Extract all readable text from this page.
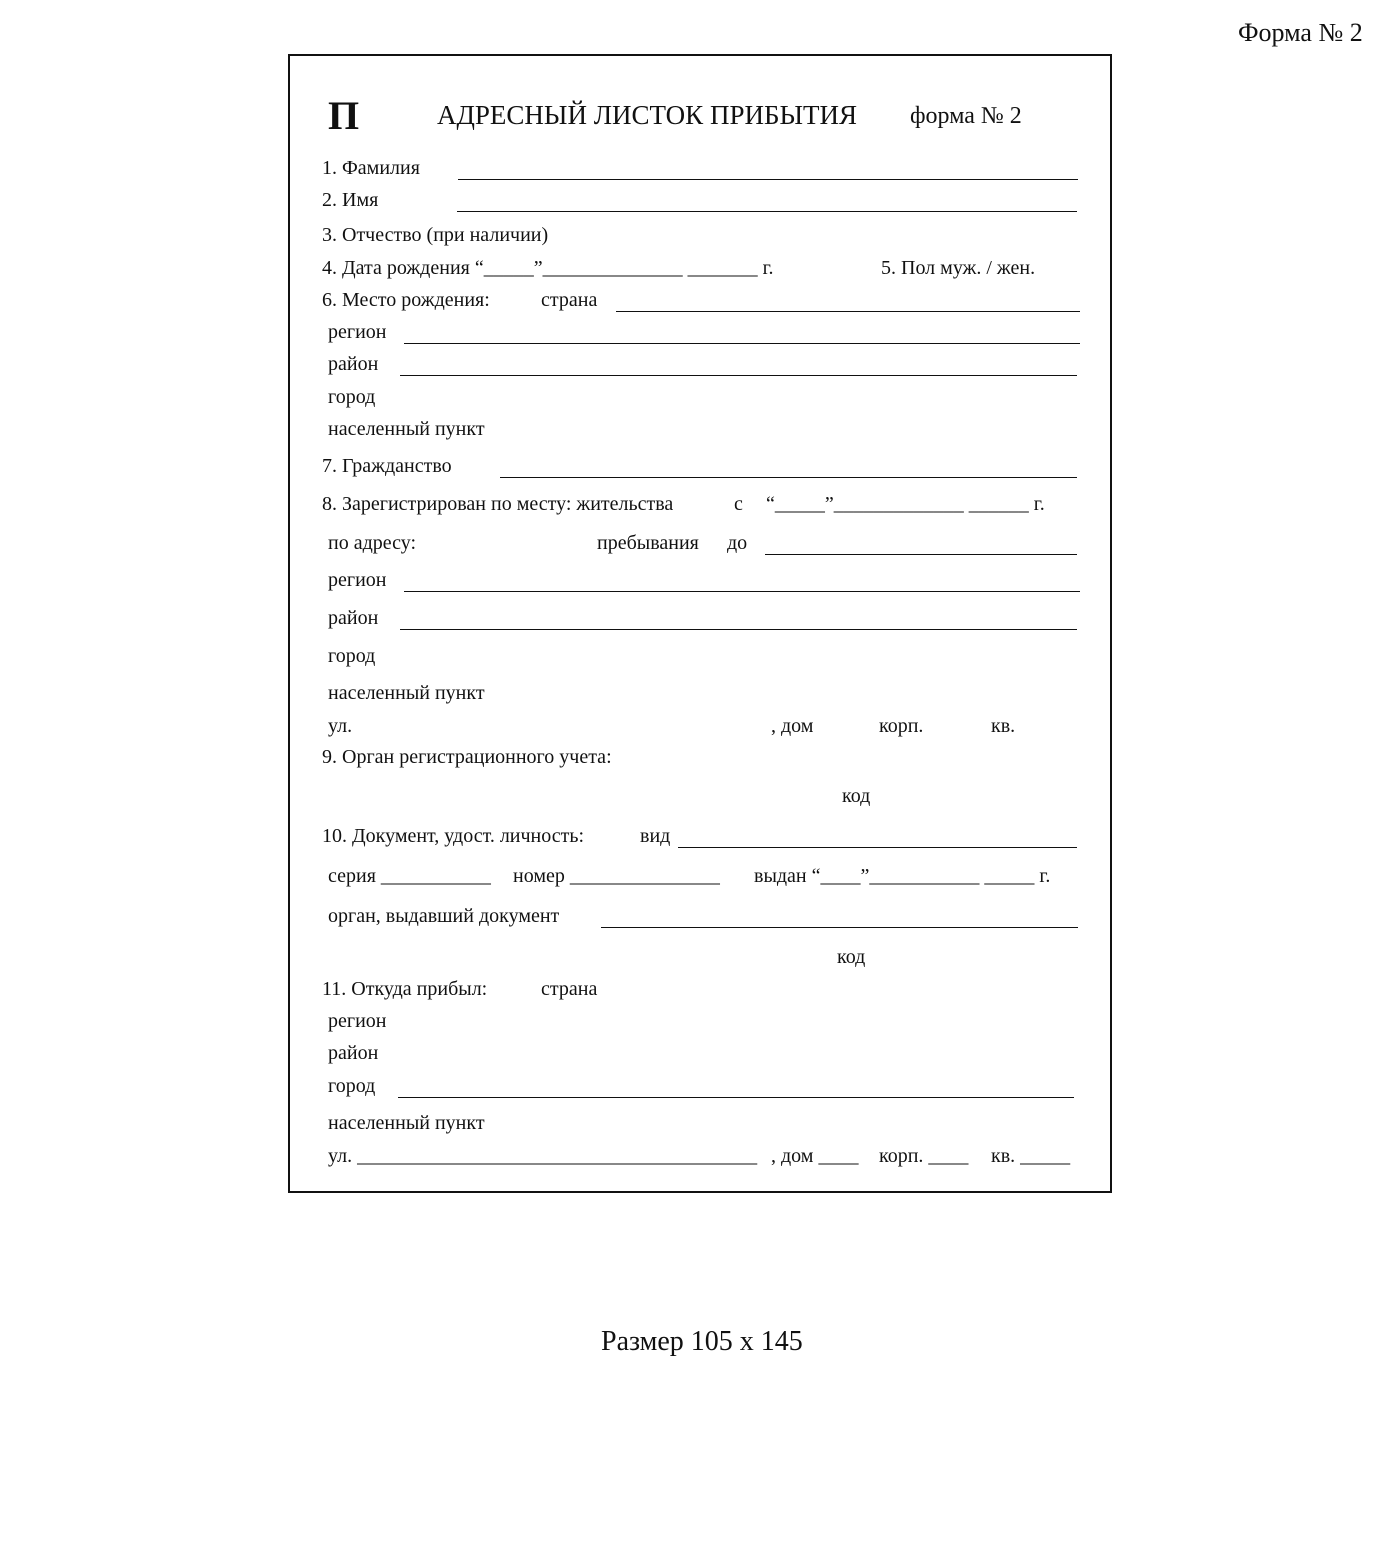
Форма № 2
П	АДРЕСНЫЙ ЛИСТОК ПРИБЫТИЯ форма № 2
1. Фамилия
2. Имя
3. Отчество (при наличии)
4. Дата рождения “_____”______________ _______ г.	5. Пол муж. / жен.
6. Место рождения:	страна
регион
район
город
населенный пункт
7. Гражданство
8. Зарегистрирован по месту: жительства	с “_____”_____________ ______ г.
по адресу:	пребывания до
регион
район
город
населенный пункт
ул.	, дом	корп.	кв.
9. Орган регистрационного учета:
код
10. Документ, удост. личность:	вид
серия ___________ номер _______________ выдан “____”___________ _____ г.
орган, выдавший документ
код
11. Откуда прибыл:	страна
регион
район
город
населенный пункт
ул. ________________________________________ , дом ____ корп. ____ кв. _____
Размер 105 х 145
